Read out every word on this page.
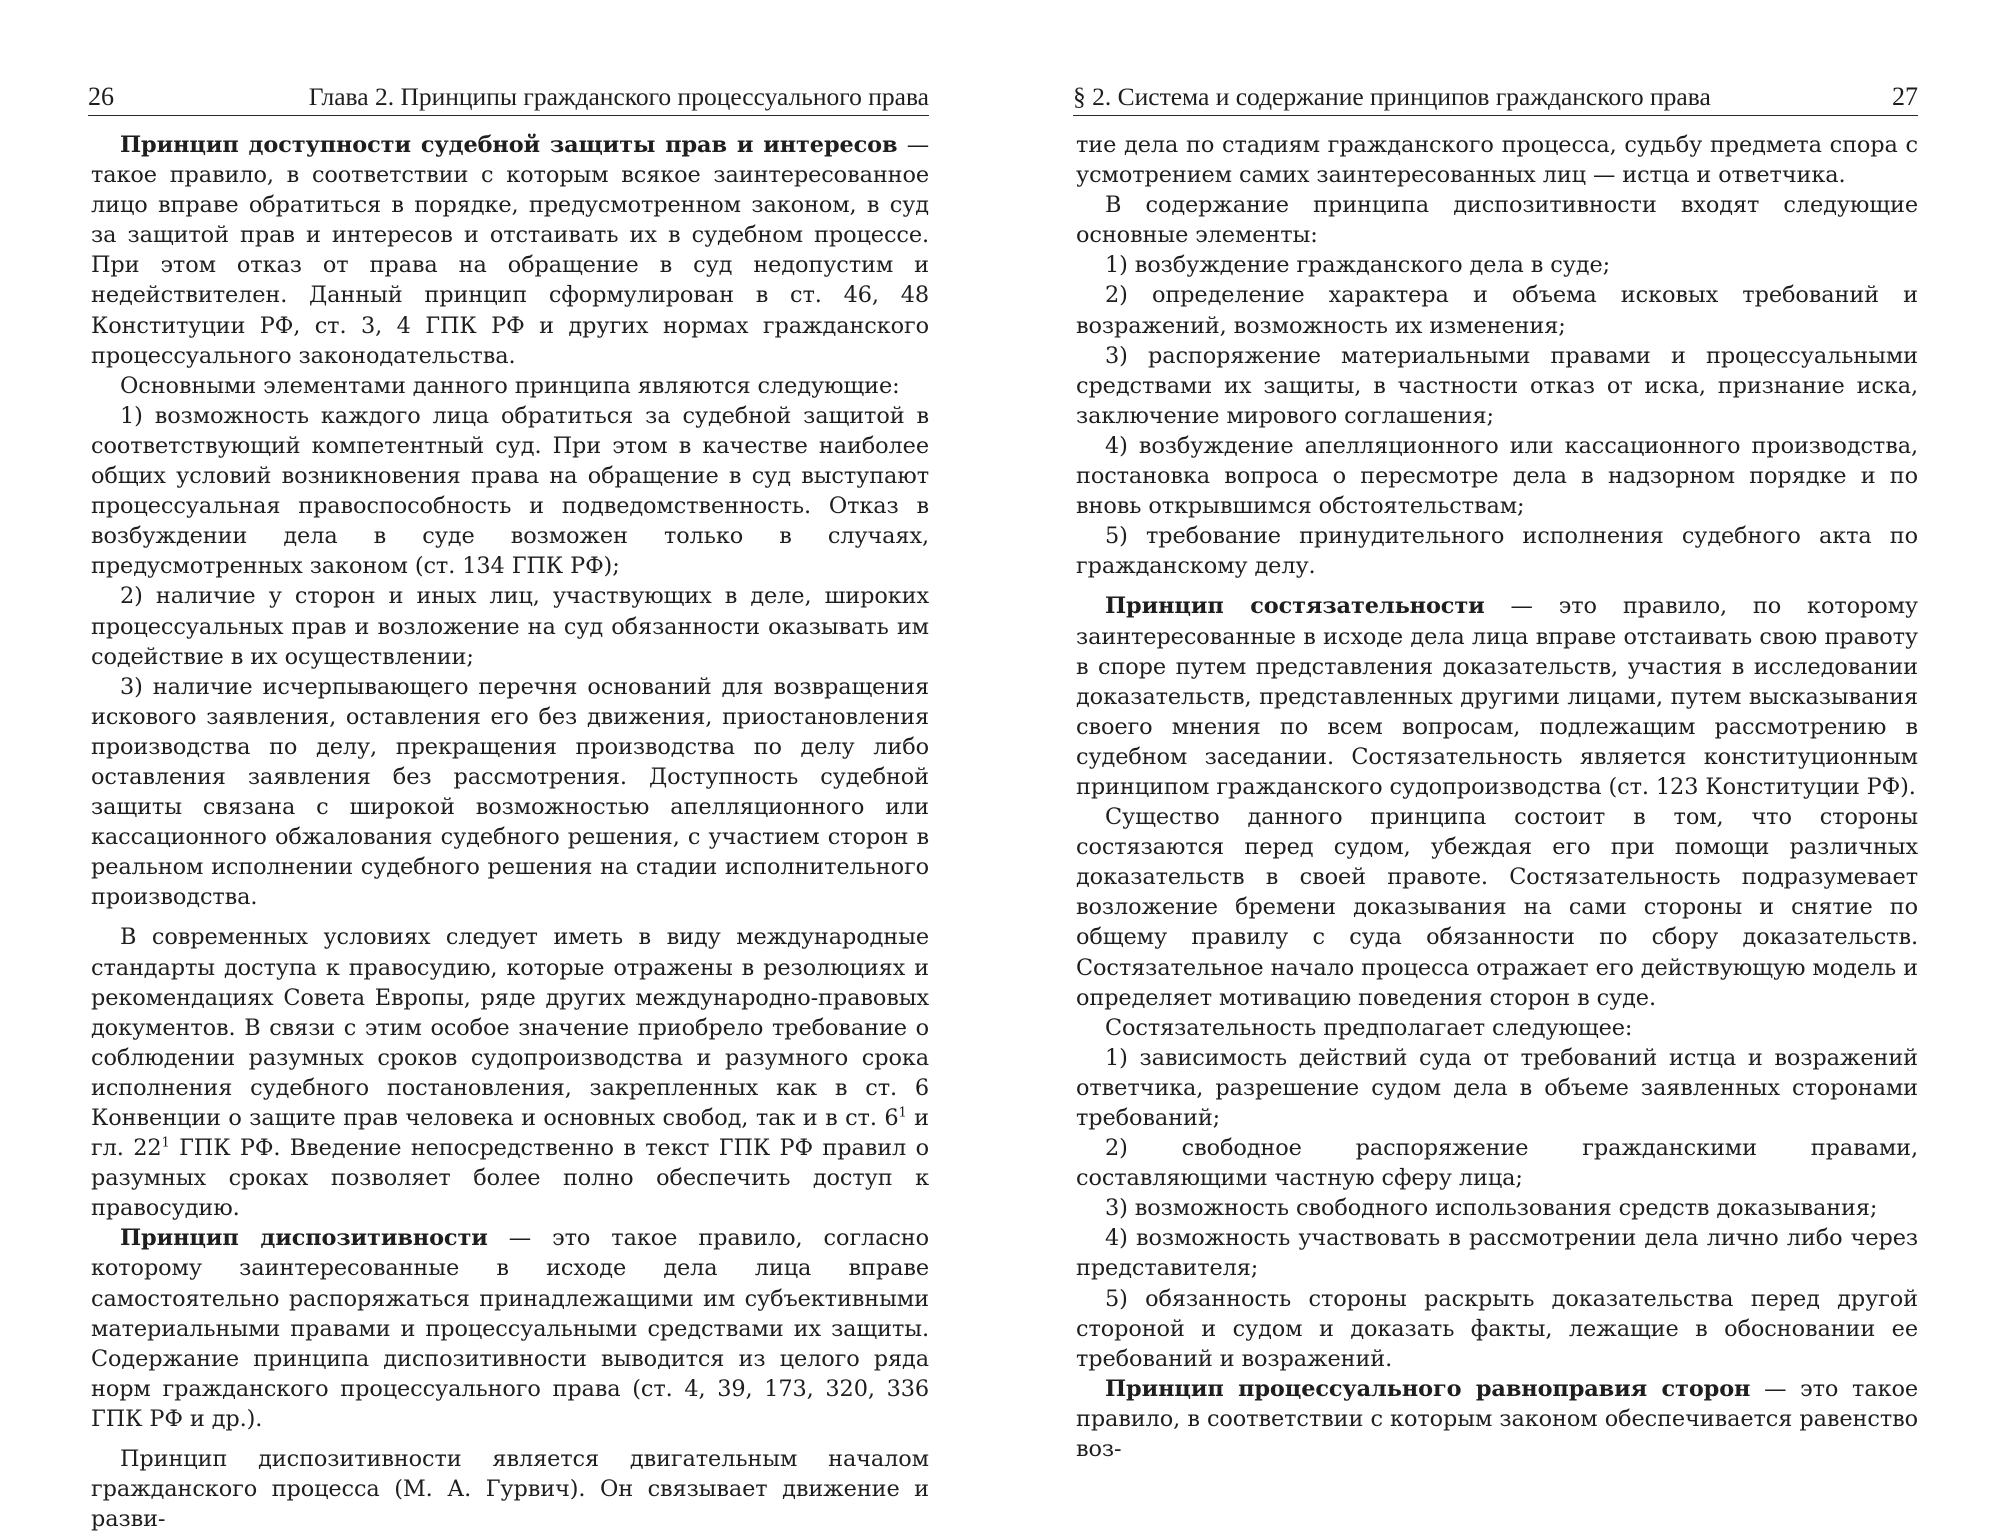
26	Глава 2. Принципы гражданского процессуального права

Принцип доступности судебной защиты прав и интересов — такое правило, в соответствии с которым всякое заинтересованное лицо вправе обратиться в порядке, предусмотренном законом, в суд за защитой прав и интересов и отстаивать их в судебном процессе. При этом отказ от права на обращение в суд недопустим и недействителен. Данный принцип сформулирован в ст. 46, 48 Конституции РФ, ст. 3, 4 ГПК РФ и других нормах гражданского процессуального законодательства.

Основными элементами данного принципа являются следующие:

1) возможность каждого лица обратиться за судебной защитой в соответствующий компетентный суд. При этом в качестве наиболее общих условий возникновения права на обращение в суд выступают процессуальная правоспособность и подведомственность. Отказ в возбуждении дела в суде возможен только в случаях, предусмотренных законом (ст. 134 ГПК РФ);

2) наличие у сторон и иных лиц, участвующих в деле, широких процессуальных прав и возложение на суд обязанности оказывать им содействие в их осуществлении;

3) наличие исчерпывающего перечня оснований для возвращения искового заявления, оставления его без движения, приостановления производства по делу, прекращения производства по делу либо оставления заявления без рассмотрения. Доступность судебной защиты связана с широкой возможностью апелляционного или кассационного обжалования судебного решения, с участием сторон в реальном исполнении судебного решения на стадии исполнительного производства.

В современных условиях следует иметь в виду международные стандарты доступа к правосудию, которые отражены в резолюциях и рекомендациях Совета Европы, ряде других международно-правовых документов. В связи с этим особое значение приобрело требование о соблюдении разумных сроков судопроизводства и разумного срока исполнения судебного постановления, закрепленных как в ст. 6 Конвенции о защите прав человека и основных свобод, так и в ст. $6^1$ и гл. $22^1$ ГПК РФ. Введение непосредственно в текст ГПК РФ правил о разумных сроках позволяет более полно обеспечить доступ к правосудию.

Принцип диспозитивности — это такое правило, согласно которому заинтересованные в исходе дела лица вправе самостоятельно распоряжаться принадлежащими им субъективными материальными правами и процессуальными средствами их защиты. Содержание принципа диспозитивности выводится из целого ряда норм гражданского процессуального права (ст. 4, 39, 173, 320, 336 ГПК РФ и др.).

Принцип диспозитивности является двигательным началом гражданского процесса (М. А. Гурвич). Он связывает движение и разви-

§ 2. Система и содержание принципов гражданского права	27

тие дела по стадиям гражданского процесса, судьбу предмета спора с усмотрением самих заинтересованных лиц — истца и ответчика.

В содержание принципа диспозитивности входят следующие основные элементы:

1) возбуждение гражданского дела в суде;

2) определение характера и объема исковых требований и возражений, возможность их изменения;

3) распоряжение материальными правами и процессуальными средствами их защиты, в частности отказ от иска, признание иска, заключение мирового соглашения;

4) возбуждение апелляционного или кассационного производства, постановка вопроса о пересмотре дела в надзорном порядке и по вновь открывшимся обстоятельствам;

5) требование принудительного исполнения судебного акта по гражданскому делу.

Принцип состязательности — это правило, по которому заинтересованные в исходе дела лица вправе отстаивать свою правоту в споре путем представления доказательств, участия в исследовании доказательств, представленных другими лицами, путем высказывания своего мнения по всем вопросам, подлежащим рассмотрению в судебном заседании. Состязательность является конституционным принципом гражданского судопроизводства (ст. 123 Конституции РФ).

Существо данного принципа состоит в том, что стороны состязаются перед судом, убеждая его при помощи различных доказательств в своей правоте. Состязательность подразумевает возложение бремени доказывания на сами стороны и снятие по общему правилу с суда обязанности по сбору доказательств. Состязательное начало процесса отражает его действующую модель и определяет мотивацию поведения сторон в суде.

Состязательность предполагает следующее:

1) зависимость действий суда от требований истца и возражений ответчика, разрешение судом дела в объеме заявленных сторонами требований;

2) свободное распоряжение гражданскими правами, составляющими частную сферу лица;

3) возможность свободного использования средств доказывания;

4) возможность участвовать в рассмотрении дела лично либо через представителя;

5) обязанность стороны раскрыть доказательства перед другой стороной и судом и доказать факты, лежащие в обосновании ее требований и возражений.

Принцип процессуального равноправия сторон — это такое правило, в соответствии с которым законом обеспечивается равенство воз-
